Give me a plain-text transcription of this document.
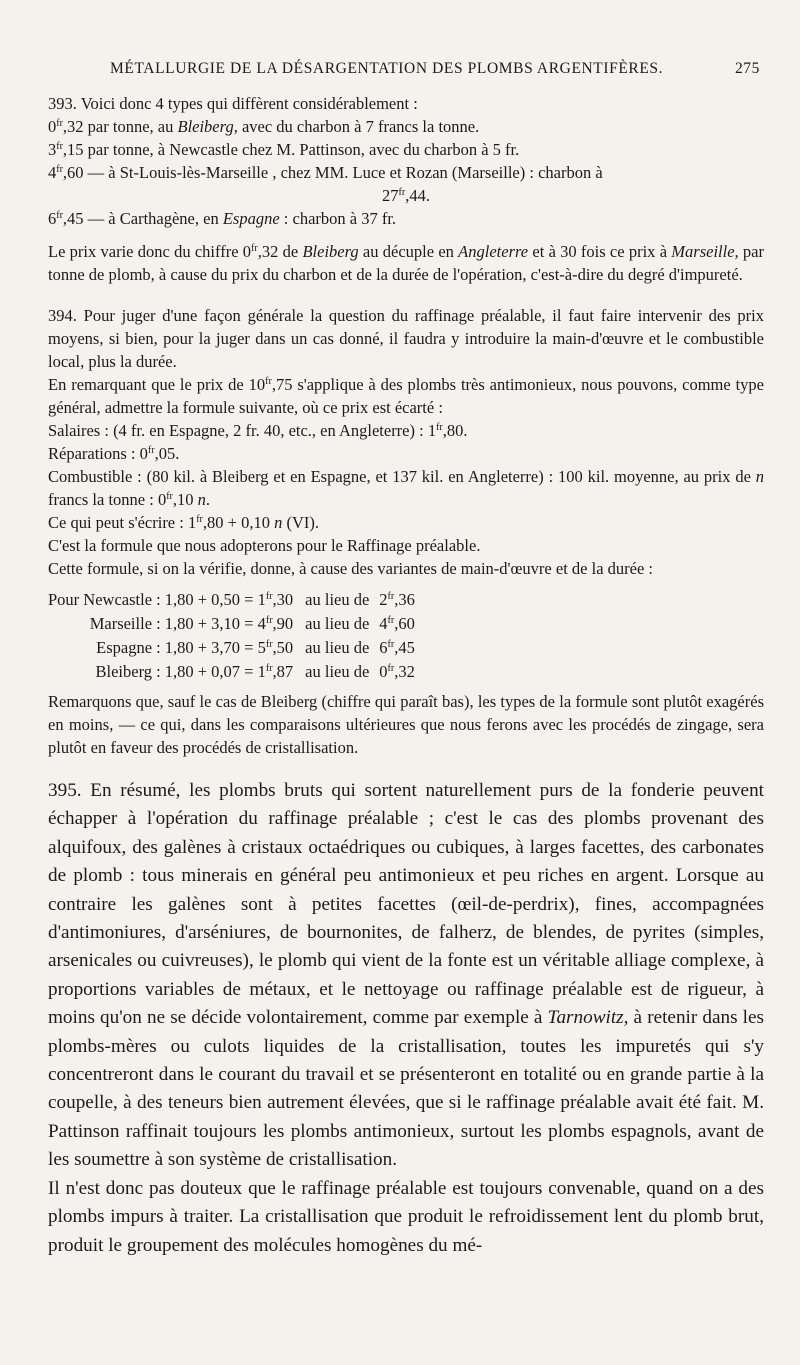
MÉTALLURGIE DE LA DÉSARGENTATION DES PLOMBS ARGENTIFÈRES.	275

393. Voici donc 4 types qui diffèrent considérablement :

$0^{fr},32$ par tonne, au Bleiberg, avec du charbon à 7 francs la tonne.

$3^{fr},15$ par tonne, à Newcastle chez M. Pattinson, avec du charbon à 5 fr.

$4^{fr},60$ — à St-Louis-lès-Marseille , chez MM. Luce et Rozan (Marseille) : charbon à

$27^{fr},44$.

$6^{fr},45$ — à Carthagène, en Espagne : charbon à 37 fr.

Le prix varie donc du chiffre $0^{fr},32$ de Bleiberg au décuple en Angleterre et à 30 fois ce prix à Marseille, par tonne de plomb, à cause du prix du charbon et de la durée de l'opération, c'est-à-dire du degré d'impureté.

394. Pour juger d'une façon générale la question du raffinage préalable, il faut faire intervenir des prix moyens, si bien, pour la juger dans un cas donné, il faudra y introduire la main-d'œuvre et le combustible local, plus la durée.

En remarquant que le prix de $10^{fr},75$ s'applique à des plombs très antimonieux, nous pouvons, comme type général, admettre la formule suivante, où ce prix est écarté :

Salaires : (4 fr. en Espagne, 2 fr. 40, etc., en Angleterre) : $1^{fr},80$.

Réparations : $0^{fr},05$.

Combustible : (80 kil. à Bleiberg et en Espagne, et 137 kil. en Angleterre) : 100 kil. moyenne, au prix de n francs la tonne : $0^{fr},10$ n.

Ce qui peut s'écrire : $1^{fr},80 + 0,10$ n (VI).

C'est la formule que nous adopterons pour le Raffinage préalable.

Cette formule, si on la vérifie, donne, à cause des variantes de main-d'œuvre et de la durée :

Pour Newcastle :	$1,80 + 0,50 = 1^{fr},30$	au lieu de	$2^{fr},36$
Marseille :	$1,80 + 3,10 = 4^{fr},90$	au lieu de	$4^{fr},60$
Espagne :	$1,80 + 3,70 = 5^{fr},50$	au lieu de	$6^{fr},45$
Bleiberg :	$1,80 + 0,07 = 1^{fr},87$	au lieu de	$0^{fr},32$

Remarquons que, sauf le cas de Bleiberg (chiffre qui paraît bas), les types de la formule sont plutôt exagérés en moins, — ce qui, dans les comparaisons ultérieures que nous ferons avec les procédés de zingage, sera plutôt en faveur des procédés de cristallisation.

395. En résumé, les plombs bruts qui sortent naturellement purs de la fonderie peuvent échapper à l'opération du raffinage préalable ; c'est le cas des plombs provenant des alquifoux, des galènes à cristaux octaédriques ou cubiques, à larges facettes, des carbonates de plomb : tous minerais en général peu antimonieux et peu riches en argent. Lorsque au contraire les galènes sont à petites facettes (œil-de-perdrix), fines, accompagnées d'antimoniures, d'arséniures, de bournonites, de falherz, de blendes, de pyrites (simples, arsenicales ou cuivreuses), le plomb qui vient de la fonte est un véritable alliage complexe, à proportions variables de métaux, et le nettoyage ou raffinage préalable est de rigueur, à moins qu'on ne se décide volontairement, comme par exemple à Tarnowitz, à retenir dans les plombs-mères ou culots liquides de la cristallisation, toutes les impuretés qui s'y concentreront dans le courant du travail et se présenteront en totalité ou en grande partie à la coupelle, à des teneurs bien autrement élevées, que si le raffinage préalable avait été fait. M. Pattinson raffinait toujours les plombs antimonieux, surtout les plombs espagnols, avant de les soumettre à son système de cristallisation.

Il n'est donc pas douteux que le raffinage préalable est toujours convenable, quand on a des plombs impurs à traiter. La cristallisation que produit le refroidissement lent du plomb brut, produit le groupement des molécules homogènes du mé-
